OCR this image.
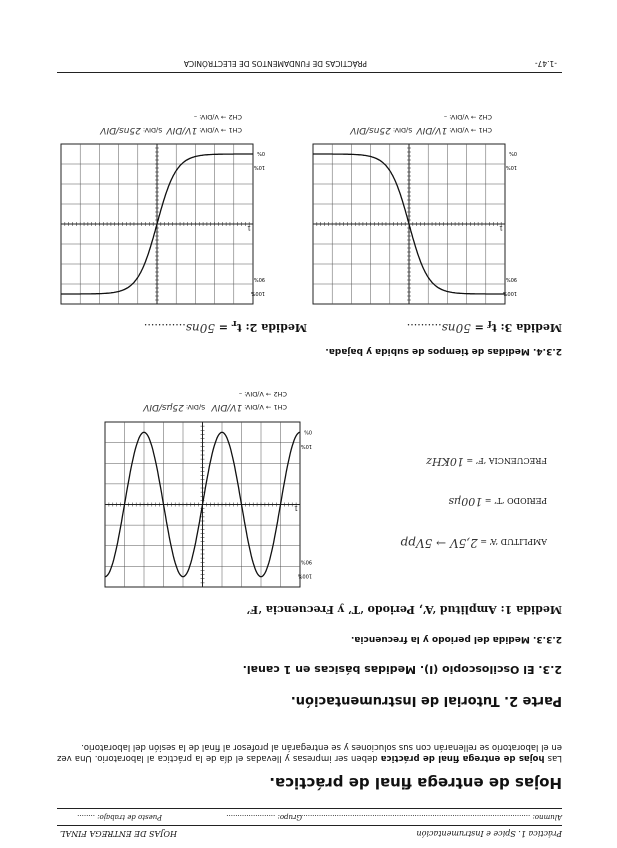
Práctica 1. Spice e Instrumentación
HOJAS DE ENTREGA FINAL
Alumno: ..........................................................................................................
Grupo: ......................
Puesto de trabajo: ........
Hojas de entrega final de práctica.
Las hojas de entrega final de práctica deben ser impresas y llevadas el día de la práctica al laboratorio. Una vez en el laboratorio se rellenarán con sus soluciones y se entregarán al profesor al final de la sesión del laboratorio.
Parte 2. Tutorial de Instrumentación.
2.3. El Osciloscopio (I). Medidas básicas en 1 canal.
2.3.3. Medida del periodo y la frecuencia.
Medida 1: Amplitud ‘A’, Periodo ‘T’ y Frecuencia ‘F’
AMPLITUD ‘A’ = 2,5V → 5Vpp
PERIODO ‘T’ = 100µs
FRECUENCIA ‘F’ = 10KHz
100%
90%
10%
0%
1
CH1 → V/DIV: 1V/DIV   S/DIV: 25µs/DIV
CH2 → V/DIV: –
2.3.4. Medidas de tiempos de subida y bajada.
Medida 3: $t_f = 50ns$..........
Medida 2: $t_r = 50ns$............
100%
90%
10%
0%
1
CH1 → V/DIV: 1V/DIV  S/DIV: 25ns/DIV
CH2 → V/DIV: –
100%
90%
10%
0%
1
CH1 → V/DIV: 1V/DIV  S/DIV: 25ns/DIV
CH2 → V/DIV: –
PRÁCTICAS DE FUNDAMENTOS DE ELECTRÓNICA	-1.47-
